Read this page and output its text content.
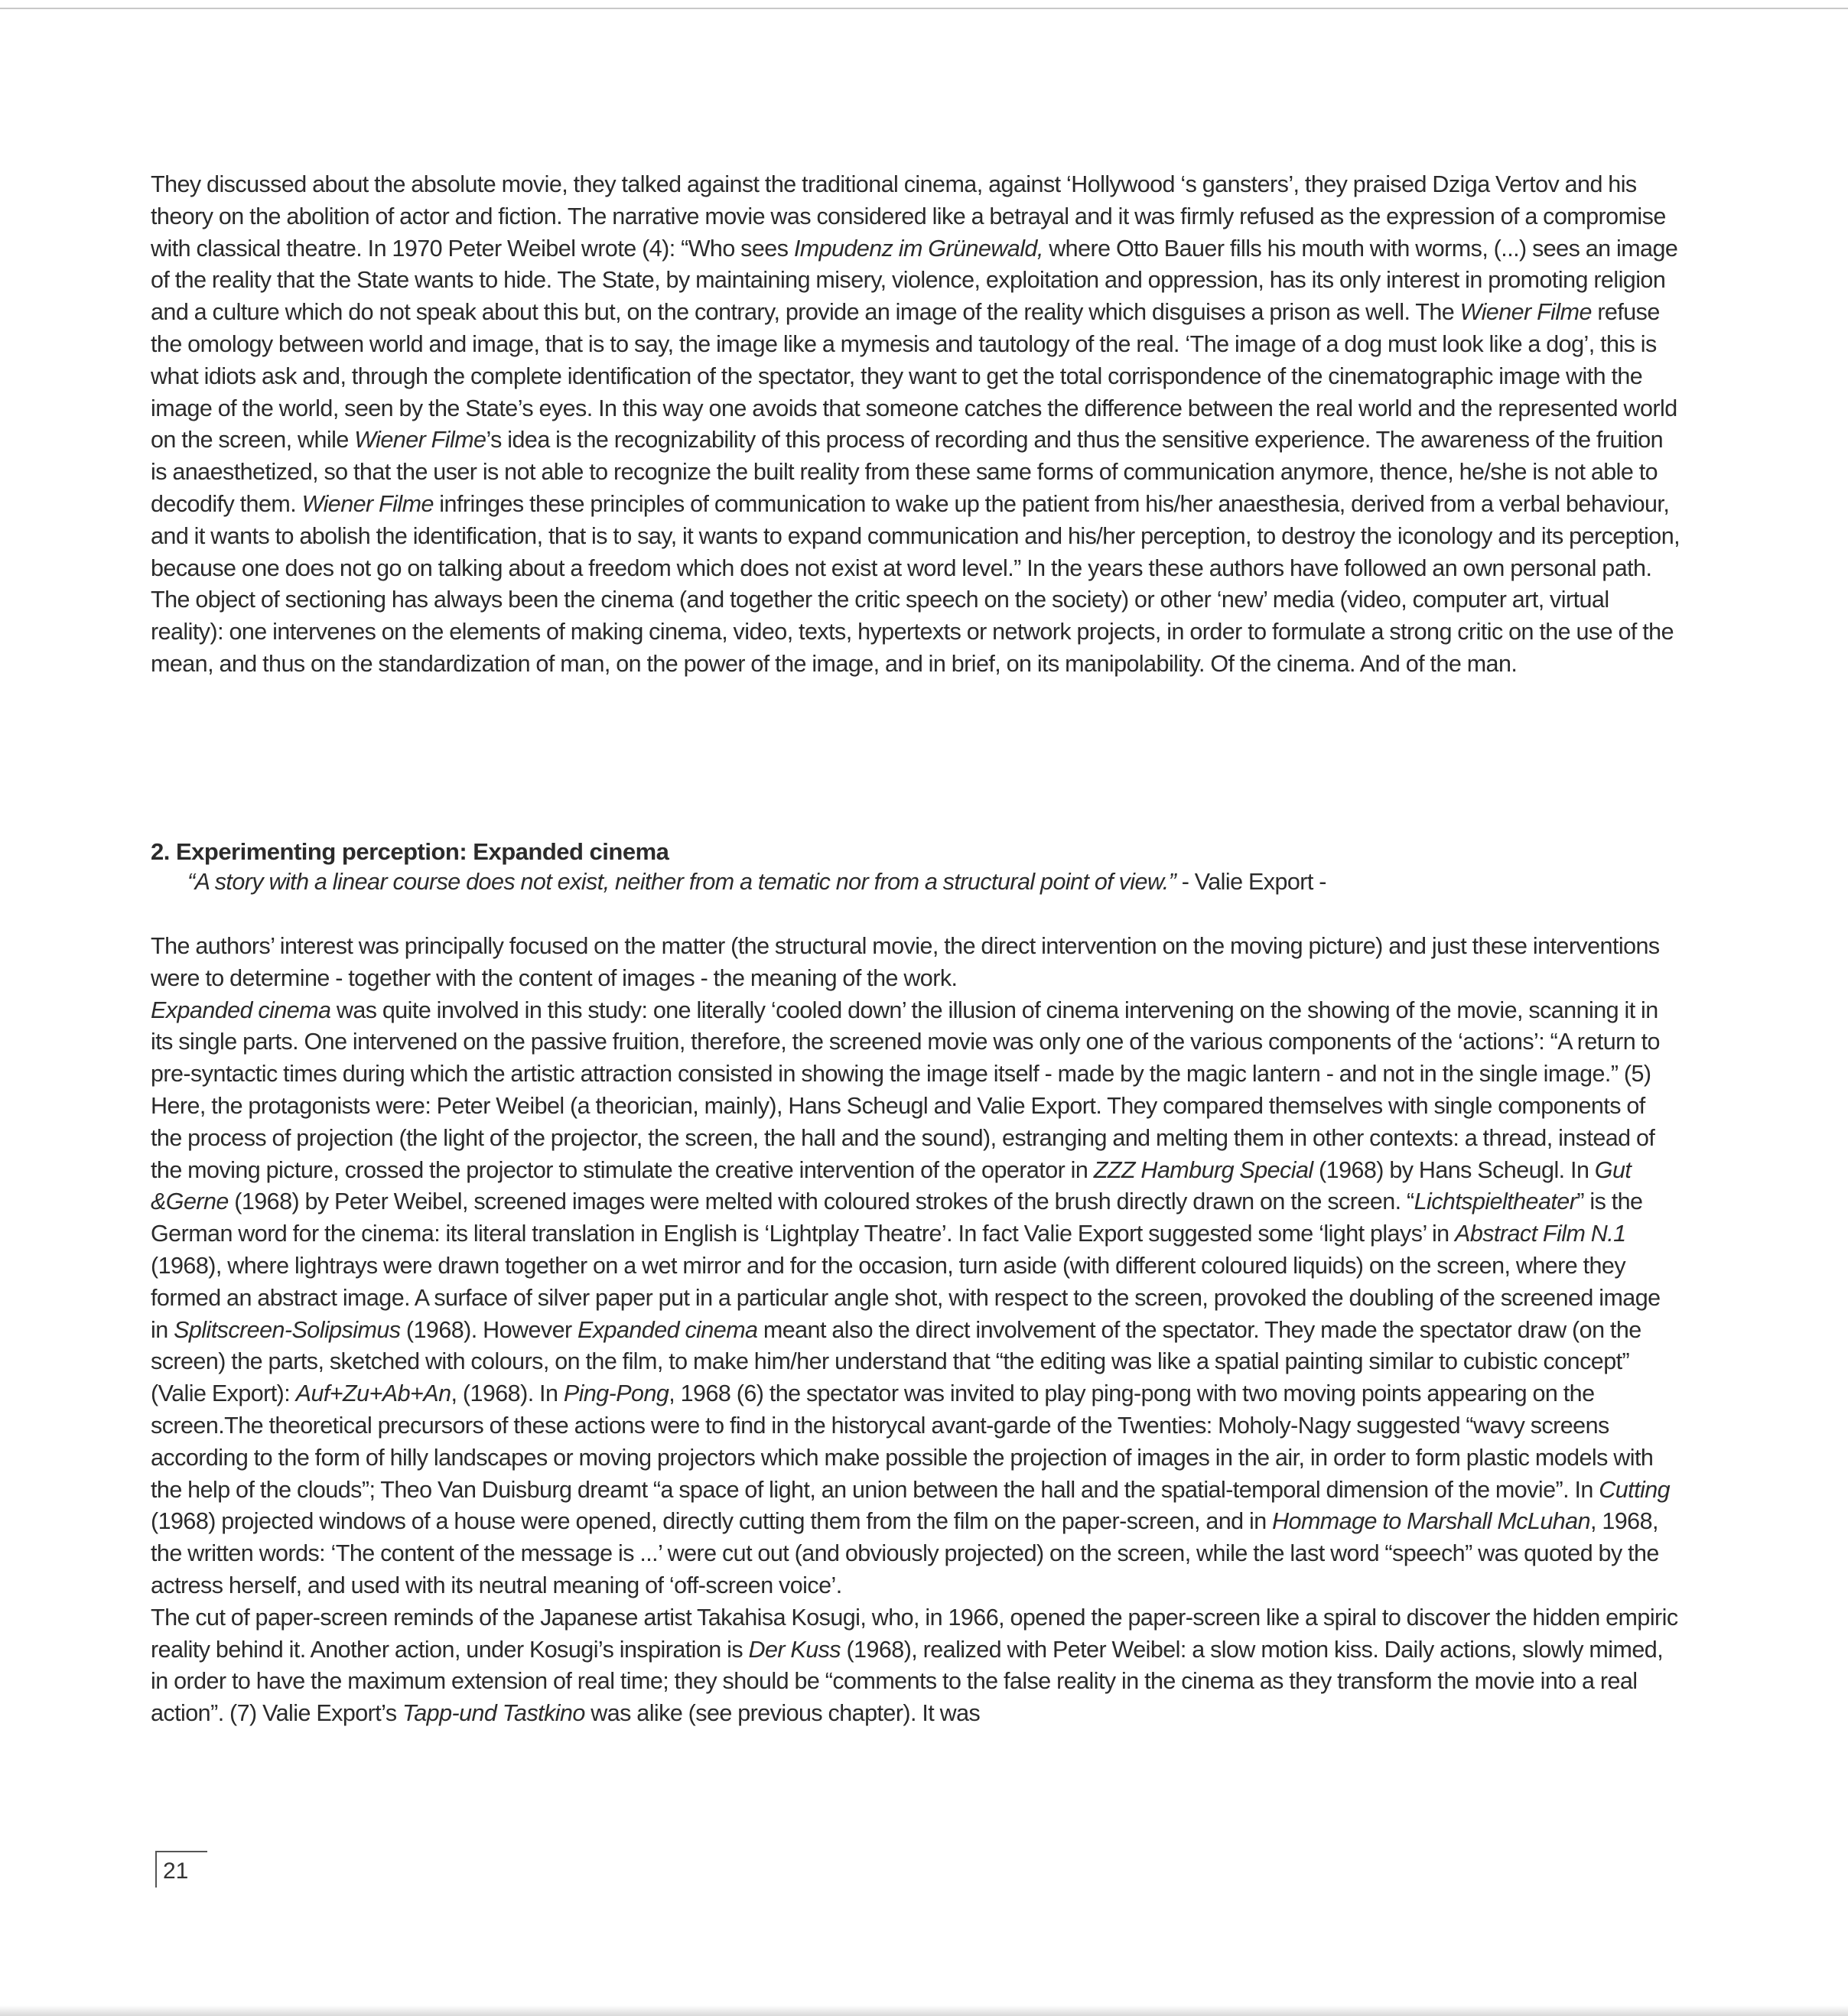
They discussed about the absolute movie, they talked against the traditional cinema, against ‘Hollywood ‘s gansters’, they praised Dziga Vertov and his theory on the abolition of actor and fiction. The narrative movie was considered like a betrayal and it was firmly refused as the expression of a compromise with classical theatre. In 1970 Peter Weibel wrote (4): “Who sees Impudenz im Grünewald, where Otto Bauer fills his mouth with worms, (...) sees an image of the reality that the State wants to hide. The State, by maintaining misery, violence, exploitation and oppression, has its only interest in promoting religion and a culture which do not speak about this but, on the contrary, provide an image of the reality which disguises a prison as well. The Wiener Filme refuse the omology between world and image, that is to say, the image like a mymesis and tautology of the real. ‘The image of a dog must look like a dog’, this is what idiots ask and, through the complete identification of the spectator, they want to get the total corrispondence of the cinematographic image with the image of the world, seen by the State’s eyes. In this way one avoids that someone catches the difference between the real world and the represented world on the screen, while Wiener Filme’s idea is the recognizability of this process of recording and thus the sensitive experience. The awareness of the fruition is anaesthetized, so that the user is not able to recognize the built reality from these same forms of communication anymore, thence, he/she is not able to decodify them. Wiener Filme infringes these principles of communication to wake up the patient from his/her anaesthesia, derived from a verbal behaviour, and it wants to abolish the identification, that is to say, it wants to expand communication and his/her perception, to destroy the iconology and its perception, because one does not go on talking about a freedom which does not exist at word level.” In the years these authors have followed an own personal path. The object of sectioning has always been the cinema (and together the critic speech on the society) or other ‘new’ media (video, computer art, virtual reality): one intervenes on the elements of making cinema, video, texts, hypertexts or network projects, in order to formulate a strong critic on the use of the mean, and thus on the standardization of man, on the power of the image, and in brief, on its manipolability. Of the cinema. And of the man.

2. Experimenting perception: Expanded cinema
“A story with a linear course does not exist, neither from a tematic nor from a structural point of view.” - Valie Export -

The authors’ interest was principally focused on the matter (the structural movie, the direct intervention on the moving picture) and just these interventions were to determine - together with the content of images - the meaning of the work.

Expanded cinema was quite involved in this study: one literally ‘cooled down’ the illusion of cinema intervening on the showing of the movie, scanning it in its single parts. One intervened on the passive fruition, therefore, the screened movie was only one of the various components of the ‘actions’: “A return to pre-syntactic times during which the artistic attraction consisted in showing the image itself - made by the magic lantern - and not in the single image.” (5) Here, the protagonists were: Peter Weibel (a theorician, mainly), Hans Scheugl and Valie Export. They compared themselves with single components of the process of projection (the light of the projector, the screen, the hall and the sound), estranging and melting them in other contexts: a thread, instead of the moving picture, crossed the projector to stimulate the creative intervention of the operator in ZZZ Hamburg Special (1968) by Hans Scheugl. In Gut &Gerne (1968) by Peter Weibel, screened images were melted with coloured strokes of the brush directly drawn on the screen. “Lichtspieltheater” is the German word for the cinema: its literal translation in English is ‘Lightplay Theatre’. In fact Valie Export suggested some ‘light plays’ in Abstract Film N.1 (1968), where lightrays were drawn together on a wet mirror and for the occasion, turn aside (with different coloured liquids) on the screen, where they formed an abstract image. A surface of silver paper put in a particular angle shot, with respect to the screen, provoked the doubling of the screened image in Splitscreen-Solipsimus (1968). However Expanded cinema meant also the direct involvement of the spectator. They made the spectator draw (on the screen) the parts, sketched with colours, on the film, to make him/her understand that “the editing was like a spatial painting similar to cubistic concept” (Valie Export): Auf+Zu+Ab+An, (1968). In Ping-Pong, 1968 (6) the spectator was invited to play ping-pong with two moving points appearing on the screen.The theoretical precursors of these actions were to find in the historycal avant-garde of the Twenties: Moholy-Nagy suggested “wavy screens according to the form of hilly landscapes or moving projectors which make possible the projection of images in the air, in order to form plastic models with the help of the clouds”; Theo Van Duisburg dreamt “a space of light, an union between the hall and the spatial-temporal dimension of the movie”. In Cutting (1968) projected windows of a house were opened, directly cutting them from the film on the paper-screen, and in Hommage to Marshall McLuhan, 1968, the written words: ‘The content of the message is ...’ were cut out (and obviously projected) on the screen, while the last word “speech” was quoted by the actress herself, and used with its neutral meaning of ‘off-screen voice’.

The cut of paper-screen reminds of the Japanese artist Takahisa Kosugi, who, in 1966, opened the paper-screen like a spiral to discover the hidden empiric reality behind it. Another action, under Kosugi’s inspiration is Der Kuss (1968), realized with Peter Weibel: a slow motion kiss. Daily actions, slowly mimed, in order to have the maximum extension of real time; they should be “comments to the false reality in the cinema as they transform the movie into a real action”. (7) Valie Export’s Tapp-und Tastkino was alike (see previous chapter). It was

21
